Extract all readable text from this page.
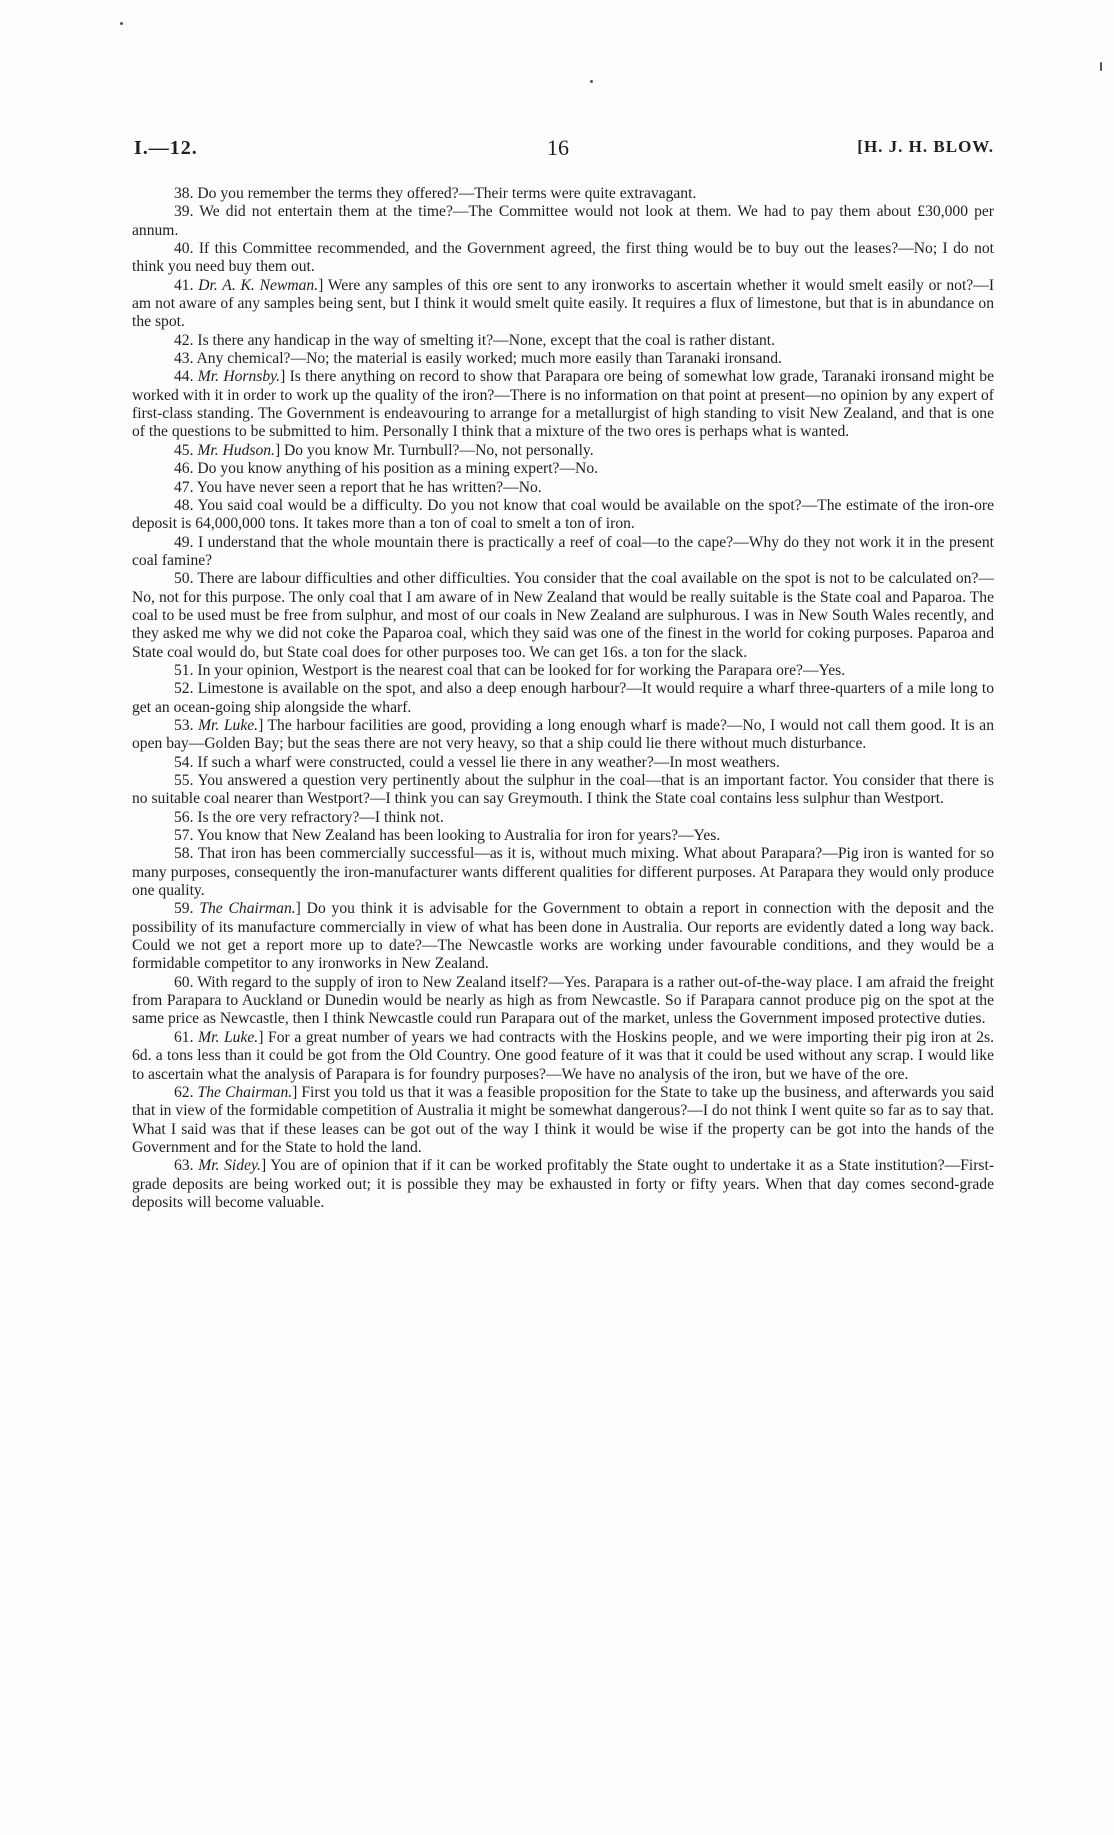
I.—12.	16	[H. J. H. BLOW.

38. Do you remember the terms they offered?—Their terms were quite extravagant.

39. We did not entertain them at the time?—The Committee would not look at them. We had to pay them about £30,000 per annum.

40. If this Committee recommended, and the Government agreed, the first thing would be to buy out the leases?—No; I do not think you need buy them out.

41. Dr. A. K. Newman.] Were any samples of this ore sent to any ironworks to ascertain whether it would smelt easily or not?—I am not aware of any samples being sent, but I think it would smelt quite easily. It requires a flux of limestone, but that is in abundance on the spot.

42. Is there any handicap in the way of smelting it?—None, except that the coal is rather distant.

43. Any chemical?—No; the material is easily worked; much more easily than Taranaki ironsand.

44. Mr. Hornsby.] Is there anything on record to show that Parapara ore being of somewhat low grade, Taranaki ironsand might be worked with it in order to work up the quality of the iron?—There is no information on that point at present—no opinion by any expert of first-class standing. The Government is endeavouring to arrange for a metallurgist of high standing to visit New Zealand, and that is one of the questions to be submitted to him. Personally I think that a mixture of the two ores is perhaps what is wanted.

45. Mr. Hudson.] Do you know Mr. Turnbull?—No, not personally.

46. Do you know anything of his position as a mining expert?—No.

47. You have never seen a report that he has written?—No.

48. You said coal would be a difficulty. Do you not know that coal would be available on the spot?—The estimate of the iron-ore deposit is 64,000,000 tons. It takes more than a ton of coal to smelt a ton of iron.

49. I understand that the whole mountain there is practically a reef of coal—to the cape?—Why do they not work it in the present coal famine?

50. There are labour difficulties and other difficulties. You consider that the coal available on the spot is not to be calculated on?—No, not for this purpose. The only coal that I am aware of in New Zealand that would be really suitable is the State coal and Paparoa. The coal to be used must be free from sulphur, and most of our coals in New Zealand are sulphurous. I was in New South Wales recently, and they asked me why we did not coke the Paparoa coal, which they said was one of the finest in the world for coking purposes. Paparoa and State coal would do, but State coal does for other purposes too. We can get 16s. a ton for the slack.

51. In your opinion, Westport is the nearest coal that can be looked for for working the Parapara ore?—Yes.

52. Limestone is available on the spot, and also a deep enough harbour?—It would require a wharf three-quarters of a mile long to get an ocean-going ship alongside the wharf.

53. Mr. Luke.] The harbour facilities are good, providing a long enough wharf is made?—No, I would not call them good. It is an open bay—Golden Bay; but the seas there are not very heavy, so that a ship could lie there without much disturbance.

54. If such a wharf were constructed, could a vessel lie there in any weather?—In most weathers.

55. You answered a question very pertinently about the sulphur in the coal—that is an important factor. You consider that there is no suitable coal nearer than Westport?—I think you can say Greymouth. I think the State coal contains less sulphur than Westport.

56. Is the ore very refractory?—I think not.

57. You know that New Zealand has been looking to Australia for iron for years?—Yes.

58. That iron has been commercially successful—as it is, without much mixing. What about Parapara?—Pig iron is wanted for so many purposes, consequently the iron-manufacturer wants different qualities for different purposes. At Parapara they would only produce one quality.

59. The Chairman.] Do you think it is advisable for the Government to obtain a report in connection with the deposit and the possibility of its manufacture commercially in view of what has been done in Australia. Our reports are evidently dated a long way back. Could we not get a report more up to date?—The Newcastle works are working under favourable conditions, and they would be a formidable competitor to any ironworks in New Zealand.

60. With regard to the supply of iron to New Zealand itself?—Yes. Parapara is a rather out-of-the-way place. I am afraid the freight from Parapara to Auckland or Dunedin would be nearly as high as from Newcastle. So if Parapara cannot produce pig on the spot at the same price as Newcastle, then I think Newcastle could run Parapara out of the market, unless the Government imposed protective duties.

61. Mr. Luke.] For a great number of years we had contracts with the Hoskins people, and we were importing their pig iron at 2s. 6d. a tons less than it could be got from the Old Country. One good feature of it was that it could be used without any scrap. I would like to ascertain what the analysis of Parapara is for foundry purposes?—We have no analysis of the iron, but we have of the ore.

62. The Chairman.] First you told us that it was a feasible proposition for the State to take up the business, and afterwards you said that in view of the formidable competition of Australia it might be somewhat dangerous?—I do not think I went quite so far as to say that. What I said was that if these leases can be got out of the way I think it would be wise if the property can be got into the hands of the Government and for the State to hold the land.

63. Mr. Sidey.] You are of opinion that if it can be worked profitably the State ought to undertake it as a State institution?—First-grade deposits are being worked out; it is possible they may be exhausted in forty or fifty years. When that day comes second-grade deposits will become valuable.
